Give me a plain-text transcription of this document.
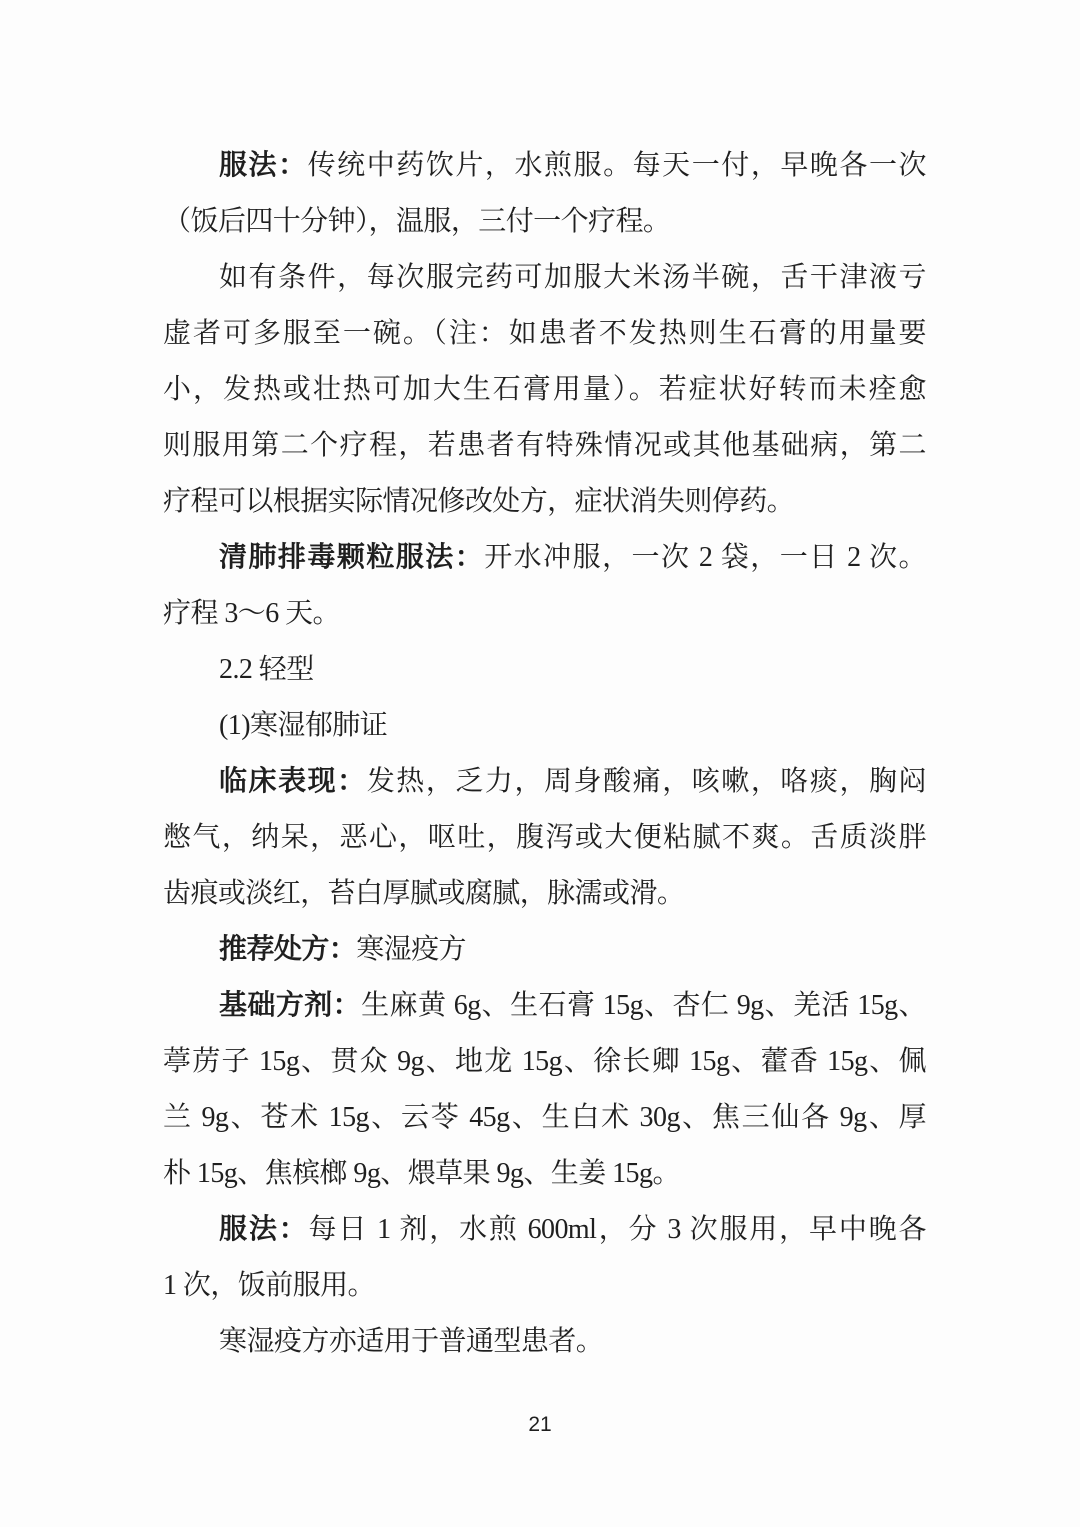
服法：传统中药饮片，水煎服。每天一付，早晚各一次
（饭后四十分钟），温服，三付一个疗程。
如有条件，每次服完药可加服大米汤半碗，舌干津液亏
虚者可多服至一碗。（注：如患者不发热则生石膏的用量要
小，发热或壮热可加大生石膏用量）。若症状好转而未痊愈
则服用第二个疗程，若患者有特殊情况或其他基础病，第二
疗程可以根据实际情况修改处方，症状消失则停药。
清肺排毒颗粒服法：开水冲服，一次 2 袋，一日 2 次。
疗程 3～6 天。
2.2 轻型
(1)寒湿郁肺证
临床表现：发热，乏力，周身酸痛，咳嗽，咯痰，胸闷
憋气，纳呆，恶心，呕吐，腹泻或大便粘腻不爽。舌质淡胖
齿痕或淡红，苔白厚腻或腐腻，脉濡或滑。
推荐处方：寒湿疫方
基础方剂：生麻黄 6g、生石膏 15g、杏仁 9g、羌活 15g、
葶苈子 15g、贯众 9g、地龙 15g、徐长卿 15g、藿香 15g、佩
兰 9g、苍术 15g、云苓 45g、生白术 30g、焦三仙各 9g、厚
朴 15g、焦槟榔 9g、煨草果 9g、生姜 15g。
服法：每日 1 剂，水煎 600ml，分 3 次服用，早中晚各
1 次，饭前服用。
寒湿疫方亦适用于普通型患者。
21
